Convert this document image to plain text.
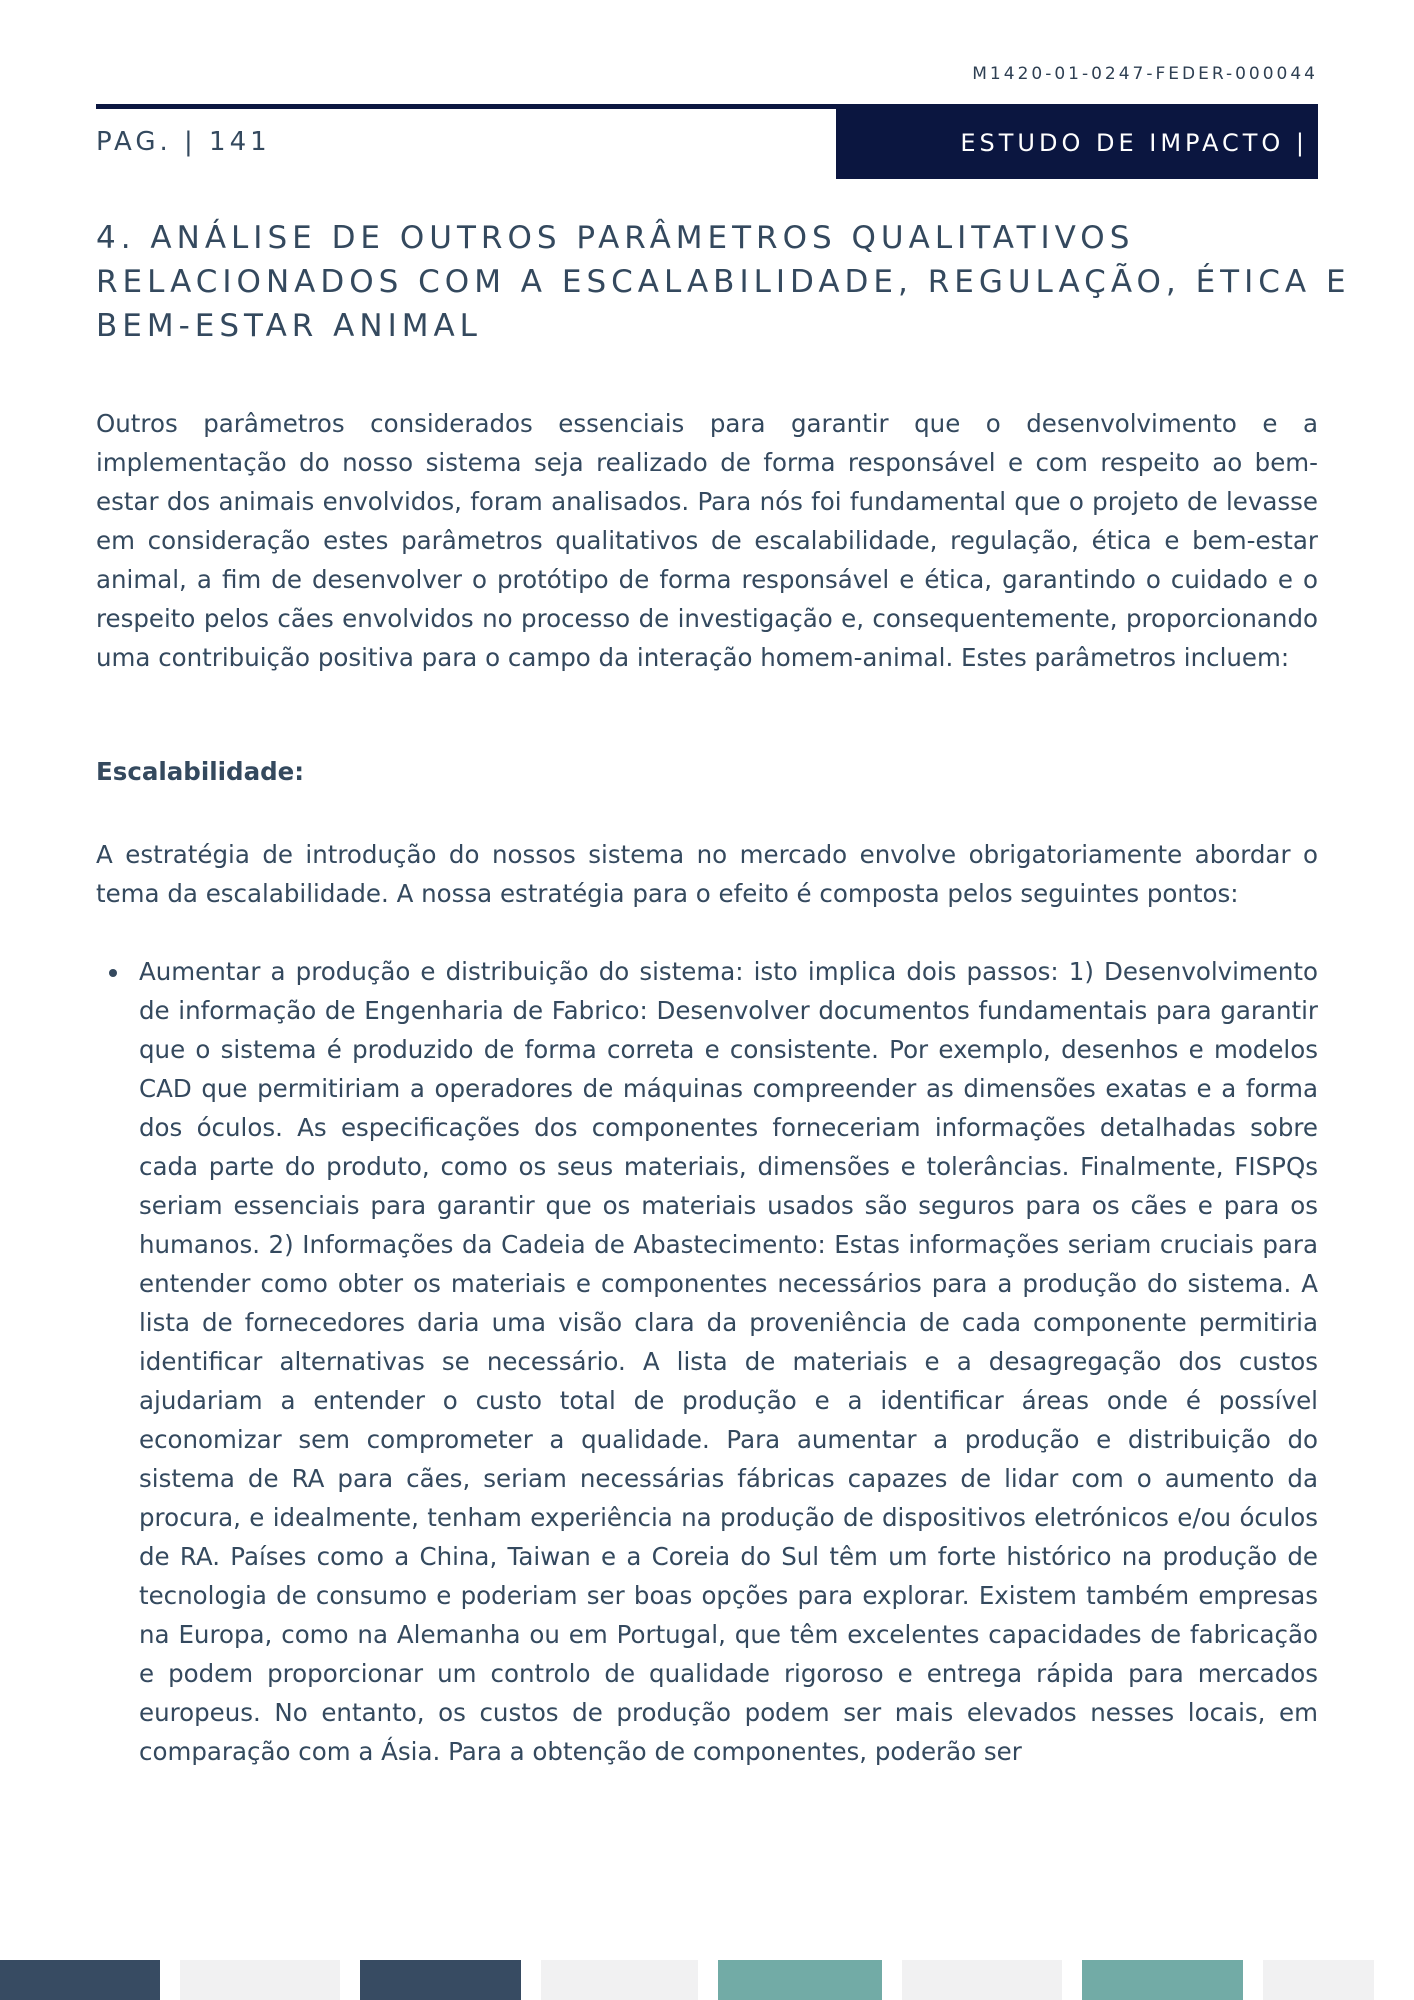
M1420-01-0247-FEDER-000044
PAG. | 141	ESTUDO DE IMPACTO |
4. ANÁLISE DE OUTROS PARÂMETROS QUALITATIVOS RELACIONADOS COM A ESCALABILIDADE, REGULAÇÃO, ÉTICA E BEM-ESTAR ANIMAL

Outros parâmetros considerados essenciais para garantir que o desenvolvimento e a implementação do nosso sistema seja realizado de forma responsável e com respeito ao bem-estar dos animais envolvidos, foram analisados. Para nós foi fundamental que o projeto de levasse em consideração estes parâmetros qualitativos de escalabilidade, regulação, ética e bem-estar animal, a fim de desenvolver o protótipo de forma responsável e ética, garantindo o cuidado e o respeito pelos cães envolvidos no processo de investigação e, consequentemente, proporcionando uma contribuição positiva para o campo da interação homem-animal. Estes parâmetros incluem:

Escalabilidade:

A estratégia de introdução do nossos sistema no mercado envolve obrigatoriamente abordar o tema da escalabilidade. A nossa estratégia para o efeito é composta pelos seguintes pontos:

Aumentar a produção e distribuição do sistema: isto implica dois passos: 1) Desenvolvimento de informação de Engenharia de Fabrico: Desenvolver documentos fundamentais para garantir que o sistema é produzido de forma correta e consistente. Por exemplo, desenhos e modelos CAD que permitiriam a operadores de máquinas compreender as dimensões exatas e a forma dos óculos. As especificações dos componentes forneceriam informações detalhadas sobre cada parte do produto, como os seus materiais, dimensões e tolerâncias. Finalmente, FISPQs seriam essenciais para garantir que os materiais usados são seguros para os cães e para os humanos. 2) Informações da Cadeia de Abastecimento: Estas informações seriam cruciais para entender como obter os materiais e componentes necessários para a produção do sistema. A lista de fornecedores daria uma visão clara da proveniência de cada componente permitiria identificar alternativas se necessário. A lista de materiais e a desagregação dos custos ajudariam a entender o custo total de produção e a identificar áreas onde é possível economizar sem comprometer a qualidade. Para aumentar a produção e distribuição do sistema de RA para cães, seriam necessárias fábricas capazes de lidar com o aumento da procura, e idealmente, tenham experiência na produção de dispositivos eletrónicos e/ou óculos de RA. Países como a China, Taiwan e a Coreia do Sul têm um forte histórico na produção de tecnologia de consumo e poderiam ser boas opções para explorar. Existem também empresas na Europa, como na Alemanha ou em Portugal, que têm excelentes capacidades de fabricação e podem proporcionar um controlo de qualidade rigoroso e entrega rápida para mercados europeus. No entanto, os custos de produção podem ser mais elevados nesses locais, em comparação com a Ásia. Para a obtenção de componentes, poderão ser
